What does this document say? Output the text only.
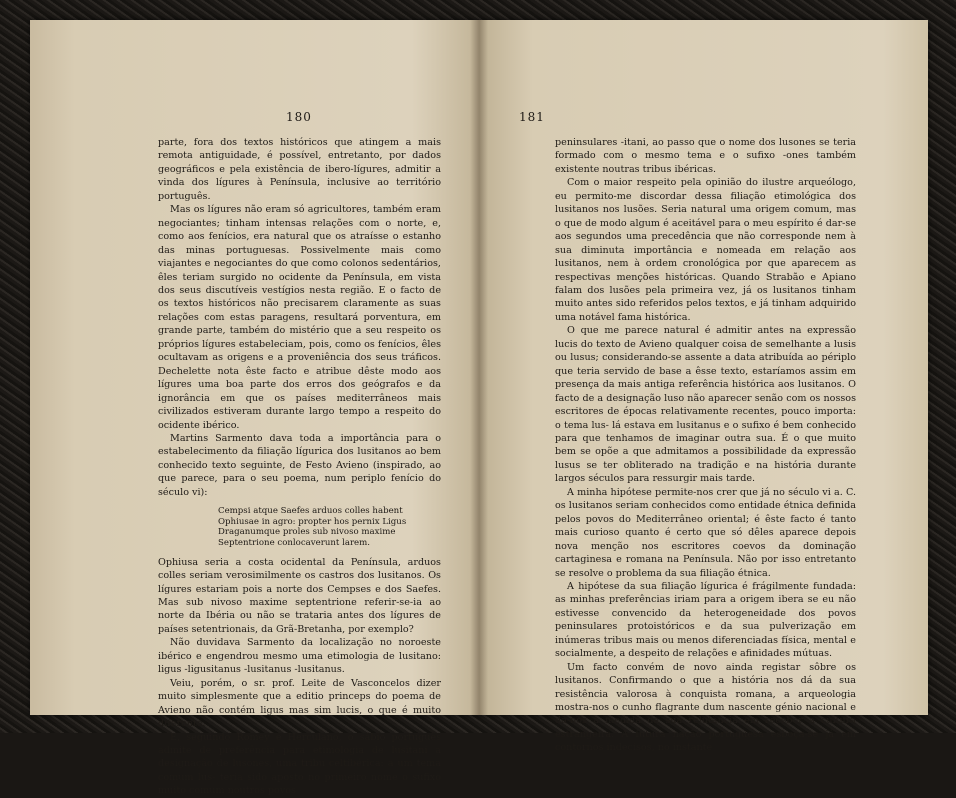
180

parte, fora dos textos históricos que atingem a mais remota antiguidade, é possível, entretanto, por dados geográficos e pela existência de ibero-lígures, admitir a vinda dos lígures à Península, inclusive ao território português.

Mas os lígures não eram só agricultores, também eram negociantes; tinham intensas relações com o norte, e, como aos fenícios, era natural que os atraísse o estanho das minas portuguesas. Possivelmente mais como viajantes e negociantes do que como colonos sedentários, êles teriam surgido no ocidente da Península, em vista dos seus discutíveis vestígios nesta região. E o facto de os textos históricos não precisarem claramente as suas relações com estas paragens, resultará porventura, em grande parte, também do mistério que a seu respeito os próprios lígures estabeleciam, pois, como os fenícios, êles ocultavam as origens e a proveniência dos seus tráficos. Dechelette nota êste facto e atribue dêste modo aos lígures uma boa parte dos erros dos geógrafos e da ignorância em que os países mediterrâneos mais civilizados estiveram durante largo tempo a respeito do ocidente ibérico.

Martins Sarmento dava toda a importância para o estabelecimento da filiação lígurica dos lusitanos ao bem conhecido texto seguinte, de Festo Avieno (inspirado, ao que parece, para o seu poema, num periplo fenício do século vi):

Cempsi atque Saefes arduos colles habent
Ophiusae in agro: propter hos pernix Ligus
Draganumque proles sub nivoso maxime
Septentrione conlocaverunt larem.

Ophiusa seria a costa ocidental da Península, arduos colles seriam verosimilmente os castros dos lusitanos. Os lígures estariam pois a norte dos Cempses e dos Saefes. Mas sub nivoso maxime septentrione referir-se-ia ao norte da Ibéria ou não se trataria antes dos lígures de países setentrionais, da Grã-Bretanha, por exemplo?

Não duvidava Sarmento da localização no noroeste ibérico e engendrou mesmo uma etimologia de lusitano: ligus -ligusitanus -lusitanus -lusitanus.

Veiu, porém, o sr. prof. Leite de Vasconcelos dizer muito simplesmente que a editio princeps do poema de Avieno não contém ligus mas sim lucis, o que é muito diferente.

E, seguindo Romey e Herculano, o sábio português admite de preferência para etimologia de lusitani a designação de lusones, uma tribu celtibérica: a um tema comum lus- teria sido aposto no primeiro nome o sufixo muito comum noutros povos

181

peninsulares -itani, ao passo que o nome dos lusones se teria formado com o mesmo tema e o sufixo -ones também existente noutras tribus ibéricas.

Com o maior respeito pela opinião do ilustre arqueólogo, eu permito-me discordar dessa filiação etimológica dos lusitanos nos lusões. Seria natural uma origem comum, mas o que de modo algum é aceitável para o meu espírito é dar-se aos segundos uma precedência que não corresponde nem à sua diminuta importância e nomeada em relação aos lusitanos, nem à ordem cronológica por que aparecem as respectivas menções históricas. Quando Strabão e Apiano falam dos lusões pela primeira vez, já os lusitanos tinham muito antes sido referidos pelos textos, e já tinham adquirido uma notável fama histórica.

O que me parece natural é admitir antes na expressão lucis do texto de Avieno qualquer coisa de semelhante a lusis ou lusus; considerando-se assente a data atribuída ao périplo que teria servido de base a êsse texto, estaríamos assim em presença da mais antiga referência histórica aos lusitanos. O facto de a designação luso não aparecer senão com os nossos escritores de épocas relativamente recentes, pouco importa: o tema lus- lá estava em lusitanus e o sufixo é bem conhecido para que tenhamos de imaginar outra sua. É o que muito bem se opõe a que admitamos a possibilidade da expressão lusus se ter obliterado na tradição e na história durante largos séculos para ressurgir mais tarde.

A minha hipótese permite-nos crer que já no século vi a. C. os lusitanos seriam conhecidos como entidade étnica definida pelos povos do Mediterrâneo oriental; é êste facto é tanto mais curioso quanto é certo que só dêles aparece depois nova menção nos escritores coevos da dominação cartaginesa e romana na Península. Não por isso entretanto se resolve o problema da sua filiação étnica.

A hipótese da sua filiação lígurica é frágilmente fundada: as minhas preferências iriam para a origem ibera se eu não estivesse convencido da heterogeneidade dos povos peninsulares protoistóricos e da sua pulverização em inúmeras tribus mais ou menos diferenciadas física, mental e socialmente, a despeito de relações e afinidades mútuas.

Um facto convém de novo ainda registar sôbre os lusitanos. Confirmando o que a história nos dá da sua resistência valorosa à conquista romana, a arqueologia mostra-nos o cunho flagrante dum nascente génio nacional e dá-nos a medida da sua relutância em receber a cultura estrangeira. A futura nação portuguesa esboça-se já em contornos indecisos, no instante
